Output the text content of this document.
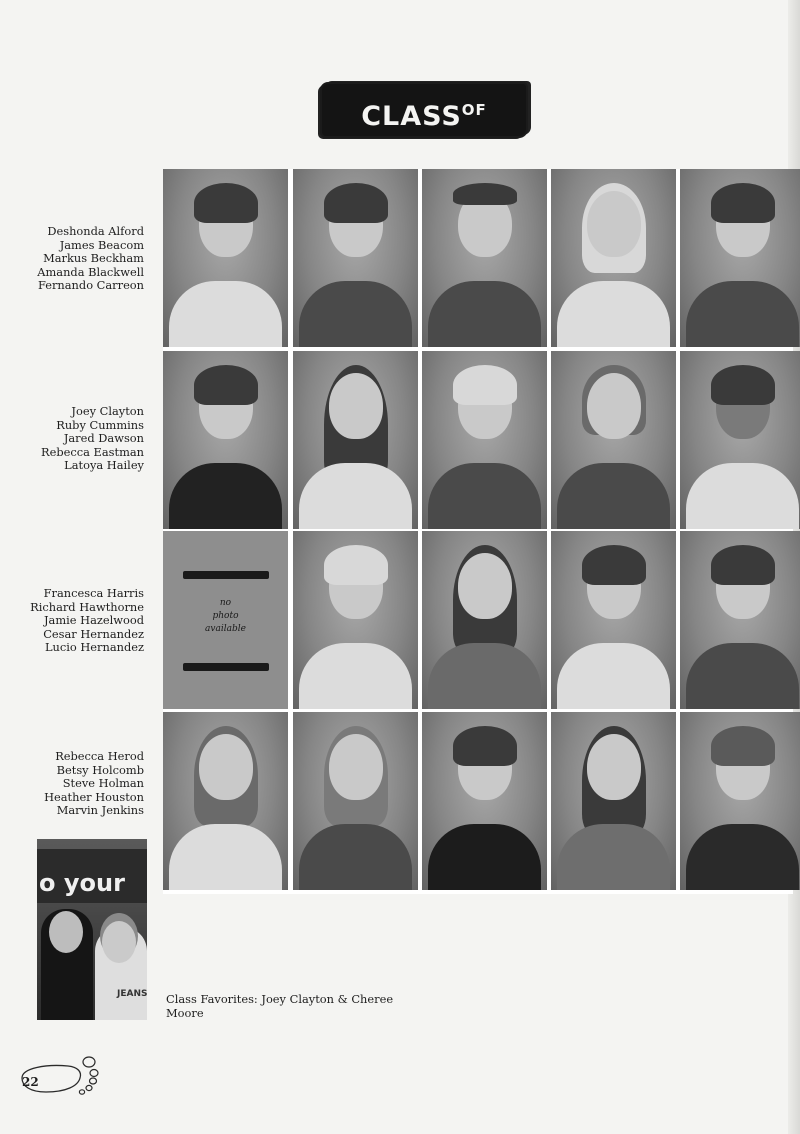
$CLASS^{OF}$
Deshonda Alford
James Beacom
Markus Beckham
Amanda Blackwell
Fernando Carreon
Joey Clayton
Ruby Cummins
Jared Dawson
Rebecca Eastman
Latoya Hailey
Francesca Harris
Richard Hawthorne
Jamie Hazelwood
Cesar Hernandez
Lucio Hernandez
Rebecca Herod
Betsy Holcomb
Steve Holman
Heather Houston
Marvin Jenkins
no
photo
available
o your
JEANS Class Favorites: Joey Clayton & Cheree Moore
22
